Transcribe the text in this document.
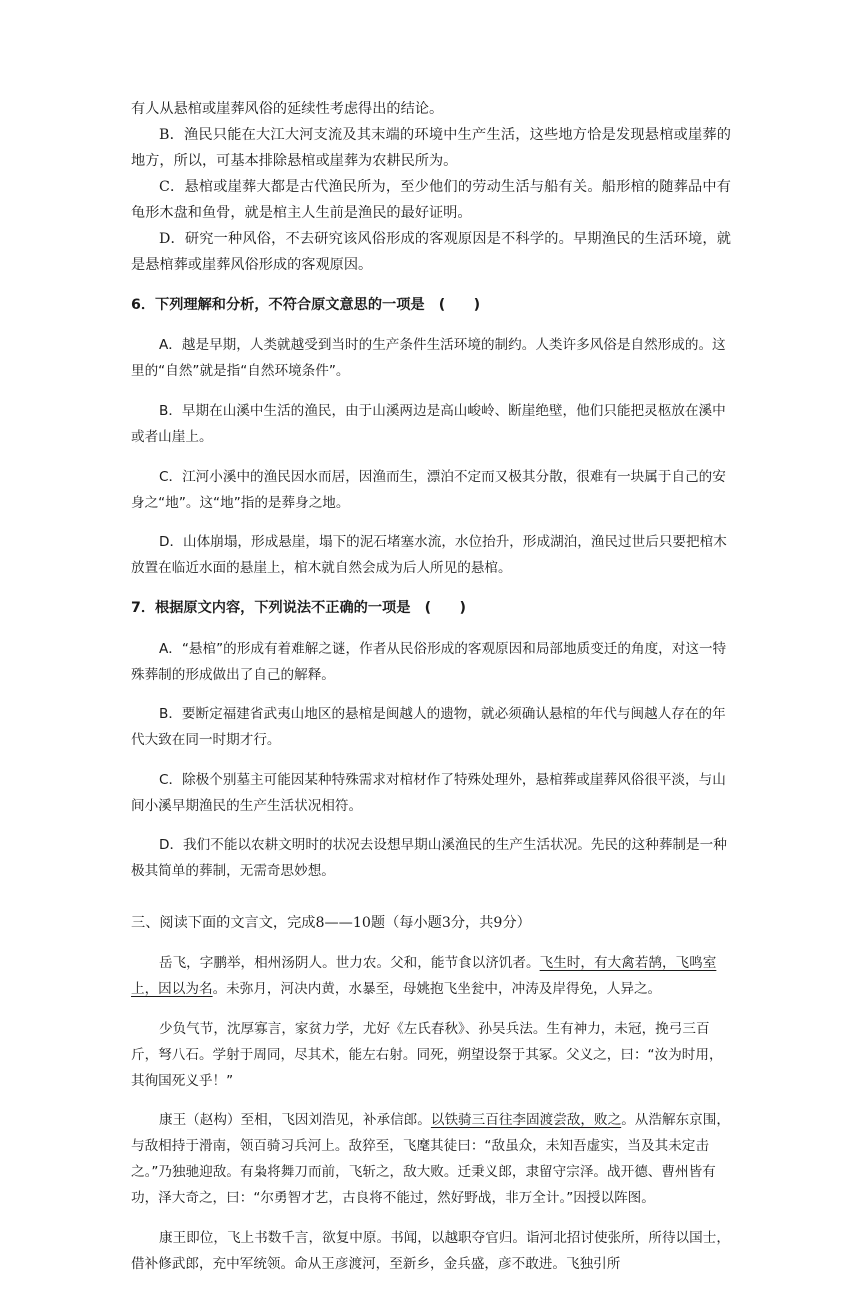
有人从悬棺或崖葬风俗的延续性考虑得出的结论。

B．渔民只能在大江大河支流及其末端的环境中生产生活，这些地方恰是发现悬棺或崖葬的地方，所以，可基本排除悬棺或崖葬为农耕民所为。

C．悬棺或崖葬大都是古代渔民所为，至少他们的劳动生活与船有关。船形棺的随葬品中有龟形木盘和鱼骨，就是棺主人生前是渔民的最好证明。

D．研究一种风俗，不去研究该风俗形成的客观原因是不科学的。早期渔民的生活环境，就是悬棺葬或崖葬风俗形成的客观原因。

6．下列理解和分析，不符合原文意思的一项是　(　　)

A．越是早期，人类就越受到当时的生产条件生活环境的制约。人类许多风俗是自然形成的。这里的“自然”就是指“自然环境条件”。

B．早期在山溪中生活的渔民，由于山溪两边是高山峻岭、断崖绝壁，他们只能把灵柩放在溪中或者山崖上。

C．江河小溪中的渔民因水而居，因渔而生，漂泊不定而又极其分散，很难有一块属于自己的安身之“地”。这“地”指的是葬身之地。

D．山体崩塌，形成悬崖，塌下的泥石堵塞水流，水位抬升，形成湖泊，渔民过世后只要把棺木放置在临近水面的悬崖上，棺木就自然会成为后人所见的悬棺。

7．根据原文内容，下列说法不正确的一项是　(　　)

A．“悬棺”的形成有着难解之谜，作者从民俗形成的客观原因和局部地质变迁的角度，对这一特殊葬制的形成做出了自己的解释。

B．要断定福建省武夷山地区的悬棺是闽越人的遗物，就必须确认悬棺的年代与闽越人存在的年代大致在同一时期才行。

C．除极个别墓主可能因某种特殊需求对棺材作了特殊处理外，悬棺葬或崖葬风俗很平淡，与山间小溪早期渔民的生产生活状况相符。

D．我们不能以农耕文明时的状况去设想早期山溪渔民的生产生活状况。先民的这种葬制是一种极其简单的葬制，无需奇思妙想。

三、阅读下面的文言文，完成8——10题（每小题3分，共9分）

岳飞，字鹏举，相州汤阴人。世力农。父和，能节食以济饥者。飞生时，有大禽若鹄，飞鸣室上，因以为名。未弥月，河决内黄，水暴至，母姚抱飞坐瓮中，冲涛及岸得免，人异之。

少负气节，沈厚寡言，家贫力学，尤好《左氏春秋》、孙吴兵法。生有神力，未冠，挽弓三百斤，弩八石。学射于周同，尽其术，能左右射。同死，朔望设祭于其冢。父义之，曰：“汝为时用，其徇国死义乎！”

康王（赵构）至相，飞因刘浩见，补承信郎。以铁骑三百往李固渡尝敌，败之。从浩解东京围，与敌相持于滑南，领百骑习兵河上。敌猝至，飞麾其徒曰：“敌虽众，未知吾虚实，当及其未定击之。”乃独驰迎敌。有枭将舞刀而前，飞斩之，敌大败。迁秉义郎，隶留守宗泽。战开德、曹州皆有功，泽大奇之，曰：“尔勇智才艺，古良将不能过，然好野战，非万全计。”因授以阵图。

康王即位，飞上书数千言，欲复中原。书闻，以越职夺官归。诣河北招讨使张所，所待以国士，借补修武郎，充中军统领。命从王彦渡河，至新乡，金兵盛，彦不敢进。飞独引所
